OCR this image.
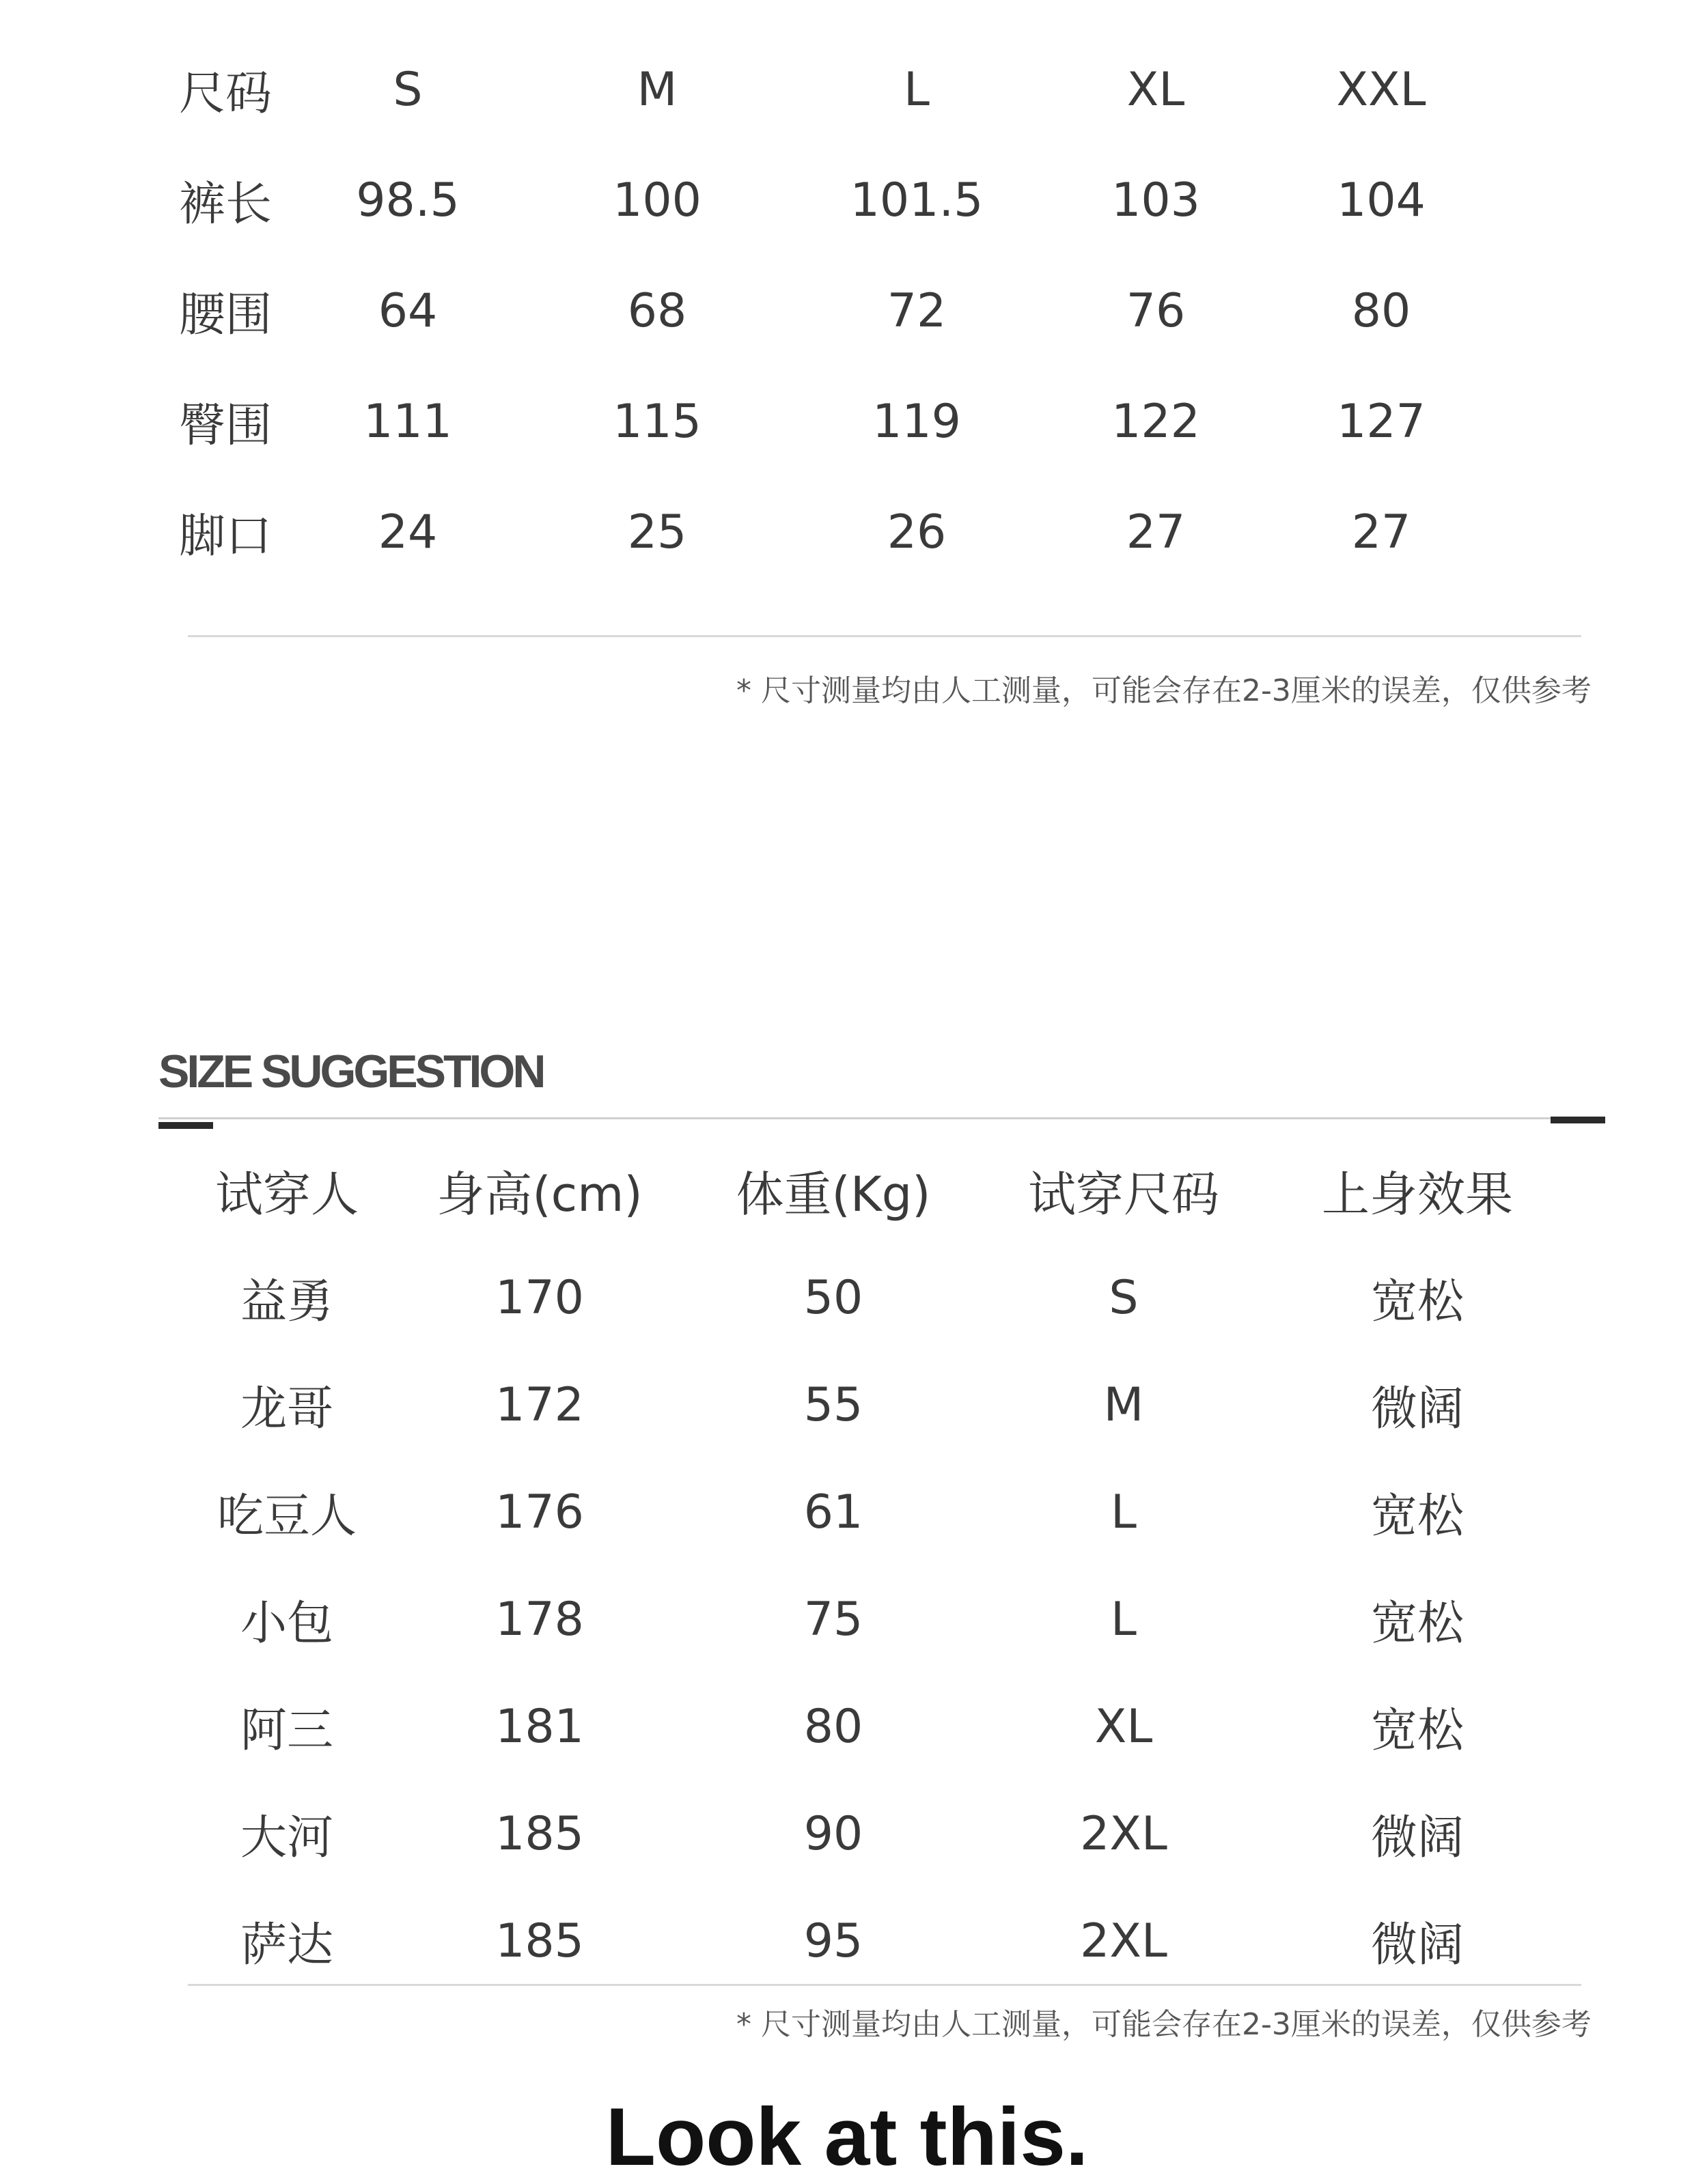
尺码	S	M	L	XL	XXL
裤长	98.5	100	101.5	103	104
腰围	64	68	72	76	80
臀围	111	115	119	122	127
脚口	24	25	26	27	27
* 尺寸测量均由人工测量，可能会存在2-3厘米的误差，仅供参考
SIZE SUGGESTION
试穿人	身高(cm)	体重(Kg)	试穿尺码	上身效果
益勇	170	50	S	宽松
龙哥	172	55	M	微阔
吃豆人	176	61	L	宽松
小包	178	75	L	宽松
阿三	181	80	XL	宽松
大河	185	90	2XL	微阔
萨达	185	95	2XL	微阔
* 尺寸测量均由人工测量，可能会存在2-3厘米的误差，仅供参考
Look at this.
